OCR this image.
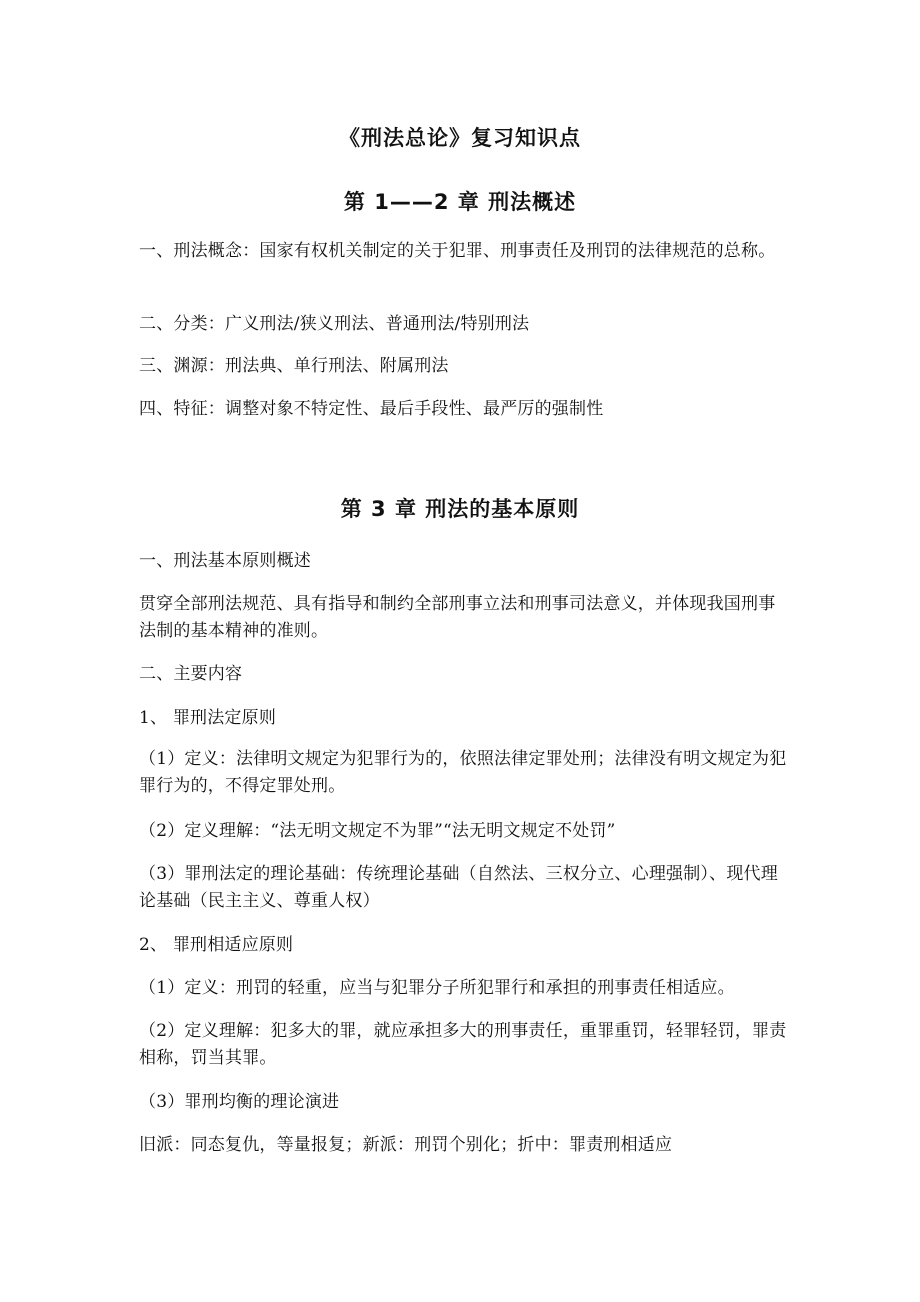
《刑法总论》复习知识点
第 1——2 章 刑法概述
一、刑法概念：国家有权机关制定的关于犯罪、刑事责任及刑罚的法律规范的总称。
二、分类：广义刑法/狭义刑法、普通刑法/特别刑法
三、渊源：刑法典、单行刑法、附属刑法
四、特征：调整对象不特定性、最后手段性、最严厉的强制性
第 3 章 刑法的基本原则
一、刑法基本原则概述
贯穿全部刑法规范、具有指导和制约全部刑事立法和刑事司法意义，并体现我国刑事法制的基本精神的准则。
二、主要内容
1、 罪刑法定原则
（1）定义：法律明文规定为犯罪行为的，依照法律定罪处刑；法律没有明文规定为犯罪行为的，不得定罪处刑。
（2）定义理解：“法无明文规定不为罪”“法无明文规定不处罚”
（3）罪刑法定的理论基础：传统理论基础（自然法、三权分立、心理强制）、现代理论基础（民主主义、尊重人权）
2、 罪刑相适应原则
（1）定义：刑罚的轻重，应当与犯罪分子所犯罪行和承担的刑事责任相适应。
（2）定义理解：犯多大的罪，就应承担多大的刑事责任，重罪重罚，轻罪轻罚，罪责相称，罚当其罪。
（3）罪刑均衡的理论演进
旧派：同态复仇，等量报复；新派：刑罚个别化；折中：罪责刑相适应
